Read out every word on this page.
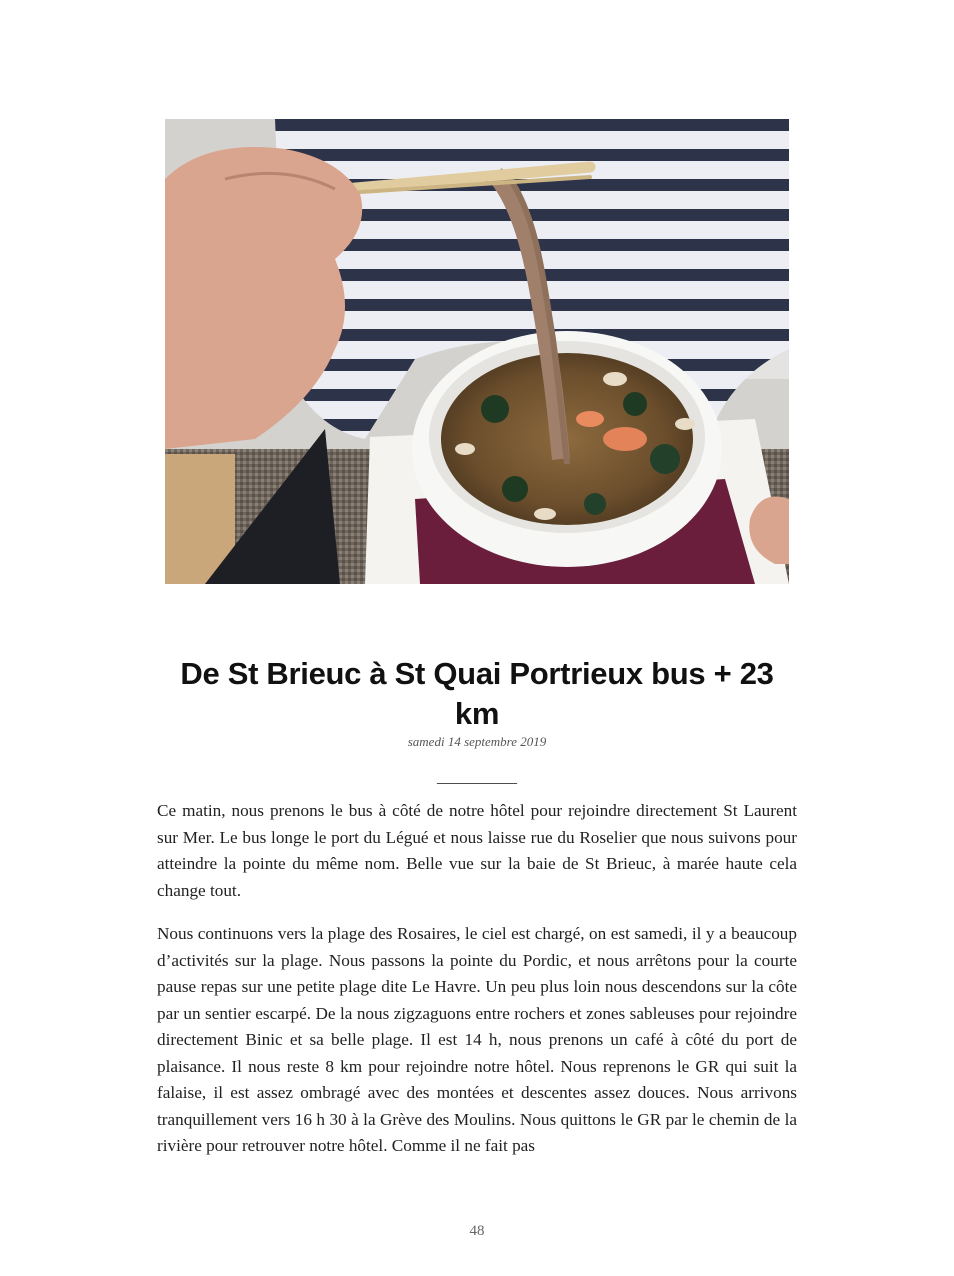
De St Brieuc à St Quai Portrieux bus + 23 km
samedi 14 septembre 2019
__________

Ce matin, nous prenons le bus à côté de notre hôtel pour rejoindre directement St Laurent sur Mer. Le bus longe le port du Légué et nous laisse rue du Roselier que nous suivons pour atteindre la pointe du même nom. Belle vue sur la baie de St Brieuc, à marée haute cela change tout.

Nous continuons vers la plage des Rosaires, le ciel est chargé, on est samedi, il y a beaucoup d’activités sur la plage. Nous passons la pointe du Pordic, et nous arrêtons pour la courte pause repas sur une petite plage dite Le Havre. Un peu plus loin nous descendons sur la côte par un sentier escarpé. De la nous zigzaguons entre rochers et zones sableuses pour rejoindre directement Binic et sa belle plage. Il est 14 h, nous prenons un café à côté du port de plaisance. Il nous reste 8 km pour rejoindre notre hôtel. Nous reprenons le GR qui suit la falaise, il est assez ombragé avec des montées et descentes assez douces. Nous arrivons tranquillement vers 16 h 30 à la Grève des Moulins. Nous quittons le GR par le chemin de la rivière pour retrouver notre hôtel. Comme il ne fait pas

48
